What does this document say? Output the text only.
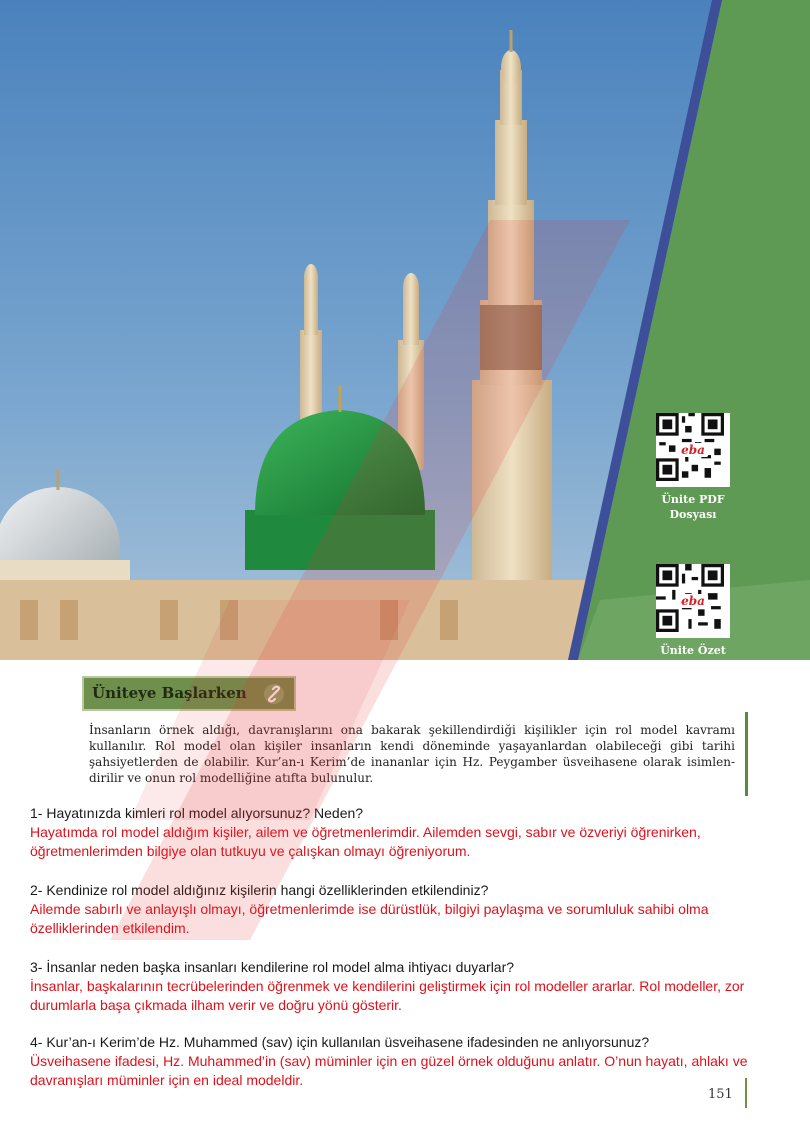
eba
Ünite PDF
Dosyası
eba
Ünite Özet
Üniteye Başlarken
İnsanların örnek aldığı, davranışlarını ona bakarak şekillendirdiği kişilikler için rol model kavramı kullanılır. Rol model olan kişiler insanların kendi döneminde yaşayanlardan olabileceği gibi tarihi şahsiyetlerden de olabilir. Kur’an-ı Kerim’de inananlar için Hz. Peygamber üsveihasene olarak isimlen-dirilir ve onun rol modelliğine atıfta bulunulur.
1- Hayatınızda kimleri rol model alıyorsunuz? Neden?
Hayatımda rol model aldığım kişiler, ailem ve öğretmenlerimdir. Ailemden sevgi, sabır ve özveriyi öğrenirken, öğretmenlerimden bilgiye olan tutkuyu ve çalışkan olmayı öğreniyorum.
2- Kendinize rol model aldığınız kişilerin hangi özelliklerinden etkilendiniz?
Ailemde sabırlı ve anlayışlı olmayı, öğretmenlerimde ise dürüstlük, bilgiyi paylaşma ve sorumluluk sahibi olma özelliklerinden etkilendim.
3- İnsanlar neden başka insanları kendilerine rol model alma ihtiyacı duyarlar?
İnsanlar, başkalarının tecrübelerinden öğrenmek ve kendilerini geliştirmek için rol modeller ararlar. Rol modeller, zor durumlarla başa çıkmada ilham verir ve doğru yönü gösterir.
4- Kur’an-ı Kerim’de Hz. Muhammed (sav) için kullanılan üsveihasene ifadesinden ne anlıyorsunuz?
Üsveihasene ifadesi, Hz. Muhammed’in (sav) müminler için en güzel örnek olduğunu anlatır. O’nun hayatı, ahlakı ve davranışları müminler için en ideal modeldir.
151
